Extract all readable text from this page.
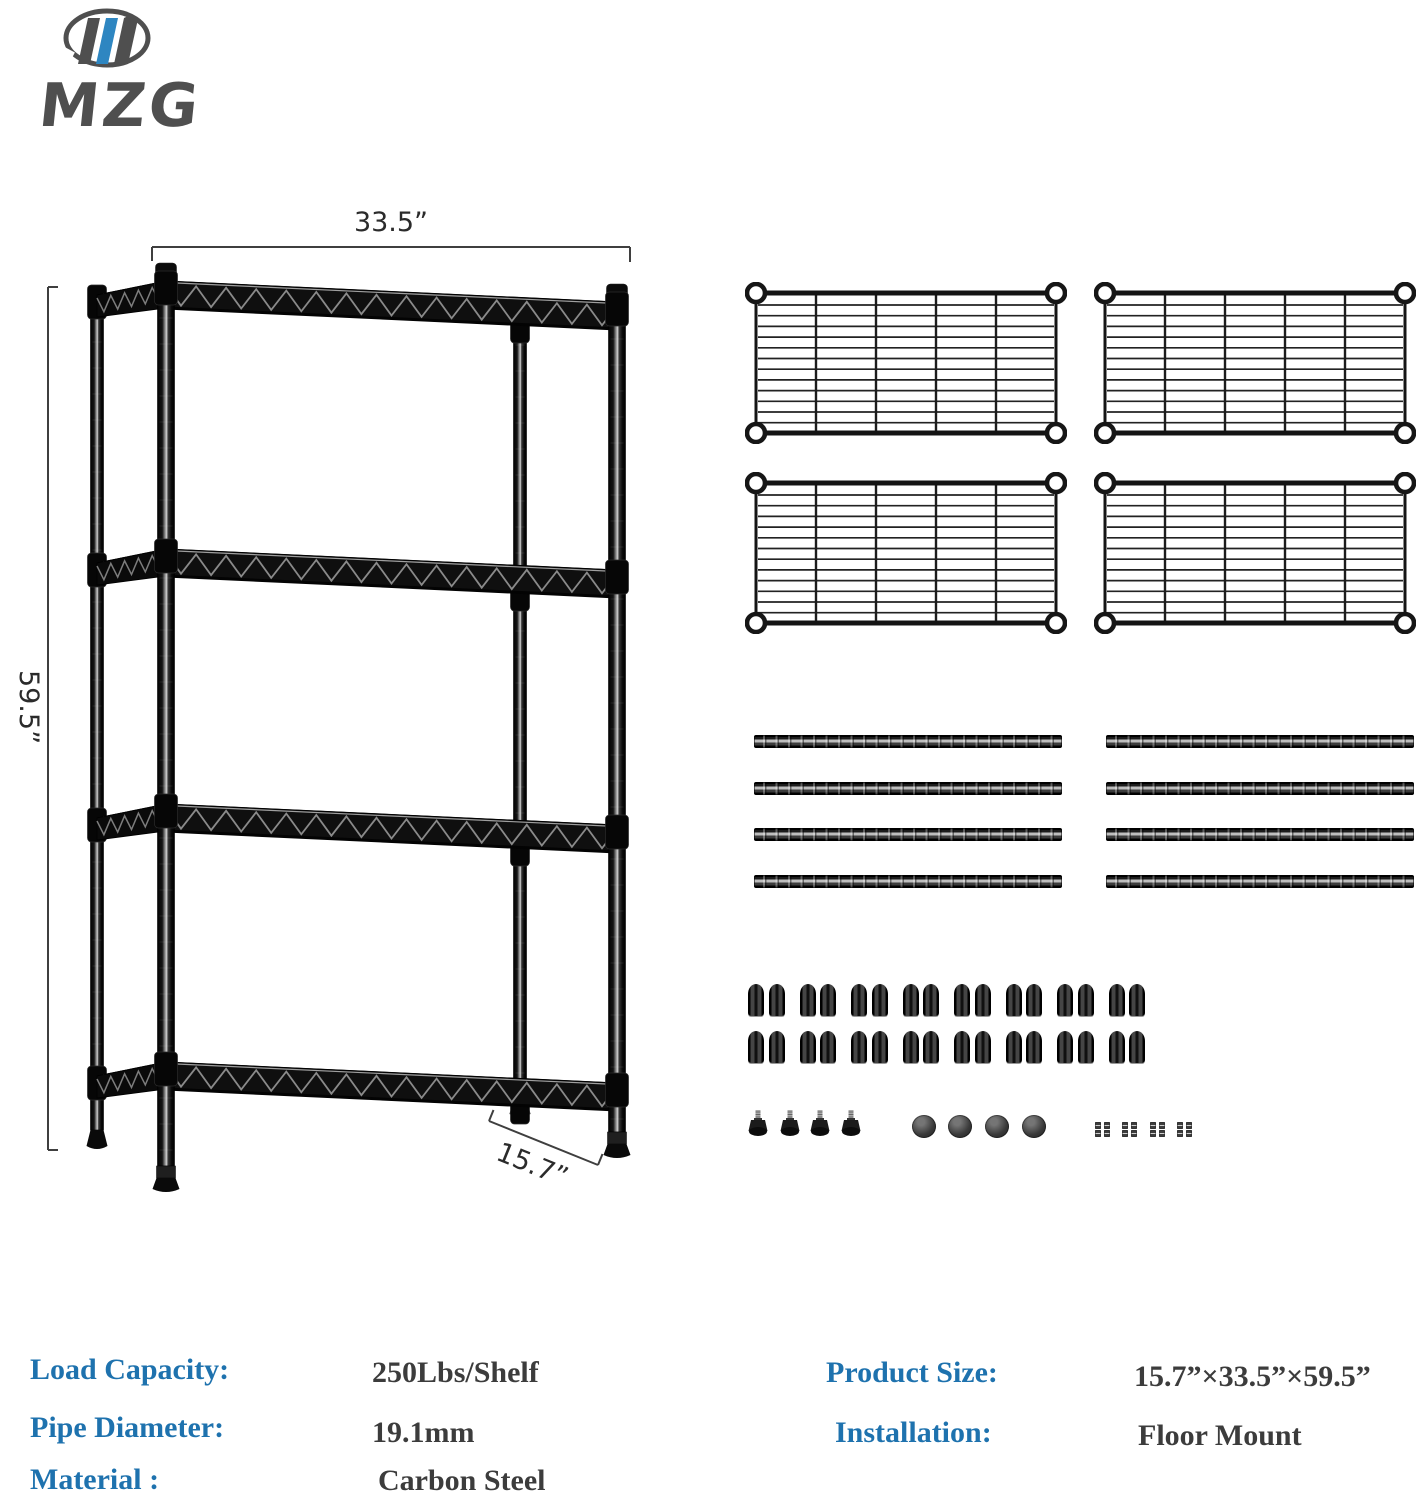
MZG
33.5”
59.5”
15.7”
Load Capacity:	250Lbs/Shelf
Pipe Diameter:	19.1mm
Material :	Carbon Steel
Product Size:	15.7”×33.5”×59.5”
Installation:	Floor Mount
